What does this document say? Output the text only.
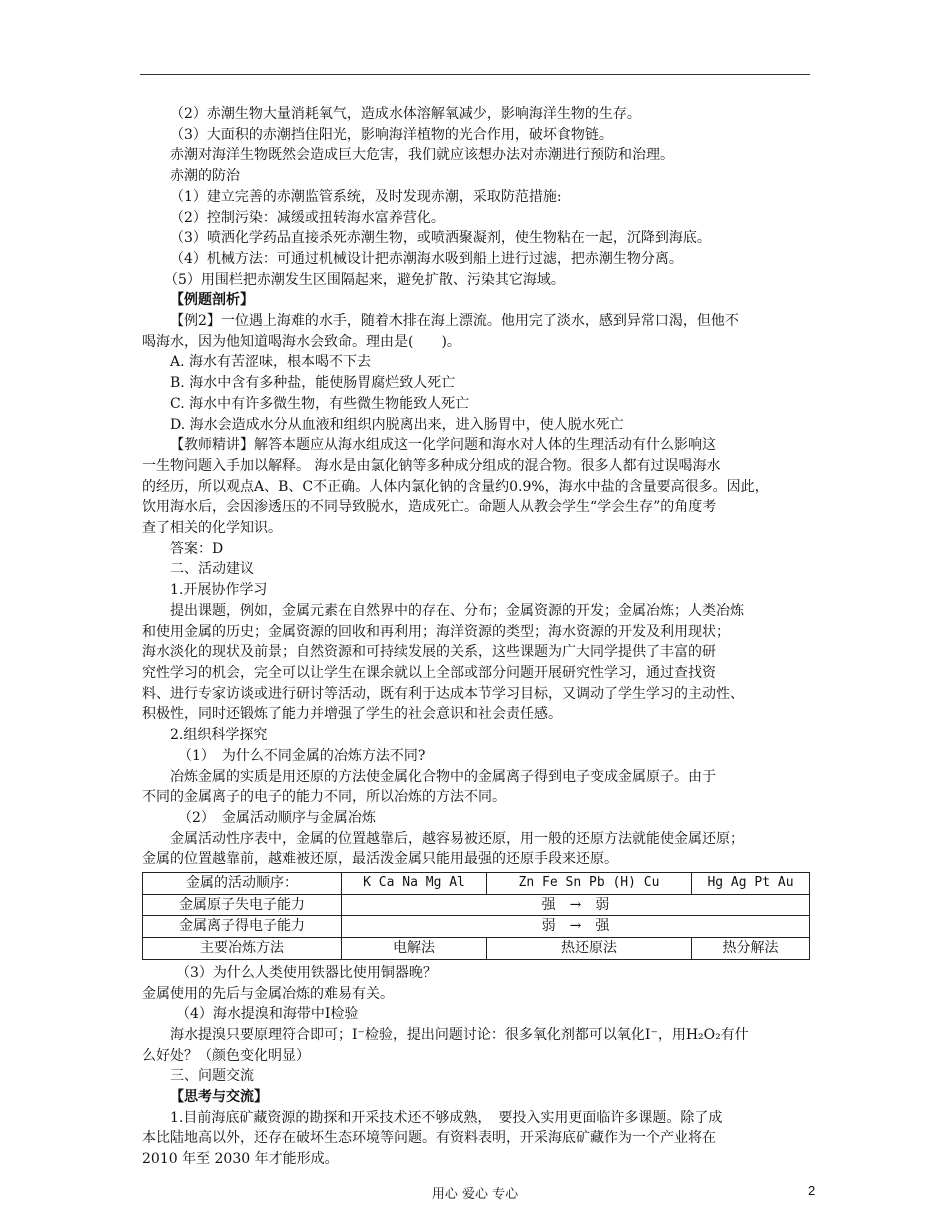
（2）赤潮生物大量消耗氧气，造成水体溶解氧减少，影响海洋生物的生存。

（3）大面积的赤潮挡住阳光，影响海洋植物的光合作用，破坏食物链。

赤潮对海洋生物既然会造成巨大危害，我们就应该想办法对赤潮进行预防和治理。

赤潮的防治

（1）建立完善的赤潮监管系统，及时发现赤潮，采取防范措施:

（2）控制污染：减缓或扭转海水富养营化。

（3）喷洒化学药品直接杀死赤潮生物，或喷洒聚凝剂，使生物粘在一起，沉降到海底。

（4）机械方法：可通过机械设计把赤潮海水吸到船上进行过滤，把赤潮生物分离。

（5）用围栏把赤潮发生区围隔起来，避免扩散、污染其它海域。

【例题剖析】

【例2】一位遇上海难的水手，随着木排在海上漂流。他用完了淡水，感到异常口渴，但他不

喝海水，因为他知道喝海水会致命。理由是(　　)。

A. 海水有苦涩味，根本喝不下去

B. 海水中含有多种盐，能使肠胃腐烂致人死亡

C. 海水中有许多微生物，有些微生物能致人死亡

D. 海水会造成水分从血液和组织内脱离出来，进入肠胃中，使人脱水死亡

【教师精讲】解答本题应从海水组成这一化学问题和海水对人体的生理活动有什么影响这

一生物问题入手加以解释。 海水是由氯化钠等多种成分组成的混合物。很多人都有过误喝海水

的经历，所以观点A、B、C不正确。人体内氯化钠的含量约0.9%，海水中盐的含量要高很多。因此，

饮用海水后，会因渗透压的不同导致脱水，造成死亡。命题人从教会学生“学会生存”的角度考

查了相关的化学知识。

答案：D

二、活动建议

1.开展协作学习

提出课题，例如，金属元素在自然界中的存在、分布；金属资源的开发；金属冶炼；人类冶炼

和使用金属的历史；金属资源的回收和再利用；海洋资源的类型；海水资源的开发及利用现状；

海水淡化的现状及前景；自然资源和可持续发展的关系，这些课题为广大同学提供了丰富的研

究性学习的机会，完全可以让学生在课余就以上全部或部分问题开展研究性学习，通过查找资

料、进行专家访谈或进行研讨等活动，既有利于达成本节学习目标，又调动了学生学习的主动性、

积极性，同时还锻炼了能力并增强了学生的社会意识和社会责任感。

2.组织科学探究

（1）　为什么不同金属的冶炼方法不同?

冶炼金属的实质是用还原的方法使金属化合物中的金属离子得到电子变成金属原子。由于

不同的金属离子的电子的能力不同，所以冶炼的方法不同。

（2）　金属活动顺序与金属冶炼

金属活动性序表中，金属的位置越靠后，越容易被还原，用一般的还原方法就能使金属还原；

金属的位置越靠前，越难被还原，最活泼金属只能用最强的还原手段来还原。

金属的活动顺序：	K Ca Na Mg Al	Zn Fe Sn Pb (H) Cu	Hg Ag Pt Au
金属原子失电子能力	强　→　弱		
金属离子得电子能力	弱　→　强		
主要冶炼方法	电解法	热还原法	热分解法

（3）为什么人类使用铁器比使用铜器晚？

金属使用的先后与金属冶炼的难易有关。

（4）海水提溴和海带中I检验

海水提溴只要原理符合即可；I⁻检验，提出问题讨论：很多氧化剂都可以氧化I⁻，用H₂O₂有什

么好处？（颜色变化明显）

三、问题交流

【思考与交流】

1.目前海底矿藏资源的勘探和开采技术还不够成熟，　要投入实用更面临许多课题。除了成

本比陆地高以外，还存在破坏生态环境等问题。有资料表明，开采海底矿藏作为一个产业将在

2010 年至 2030 年才能形成。

用心 爱心 专心	2
